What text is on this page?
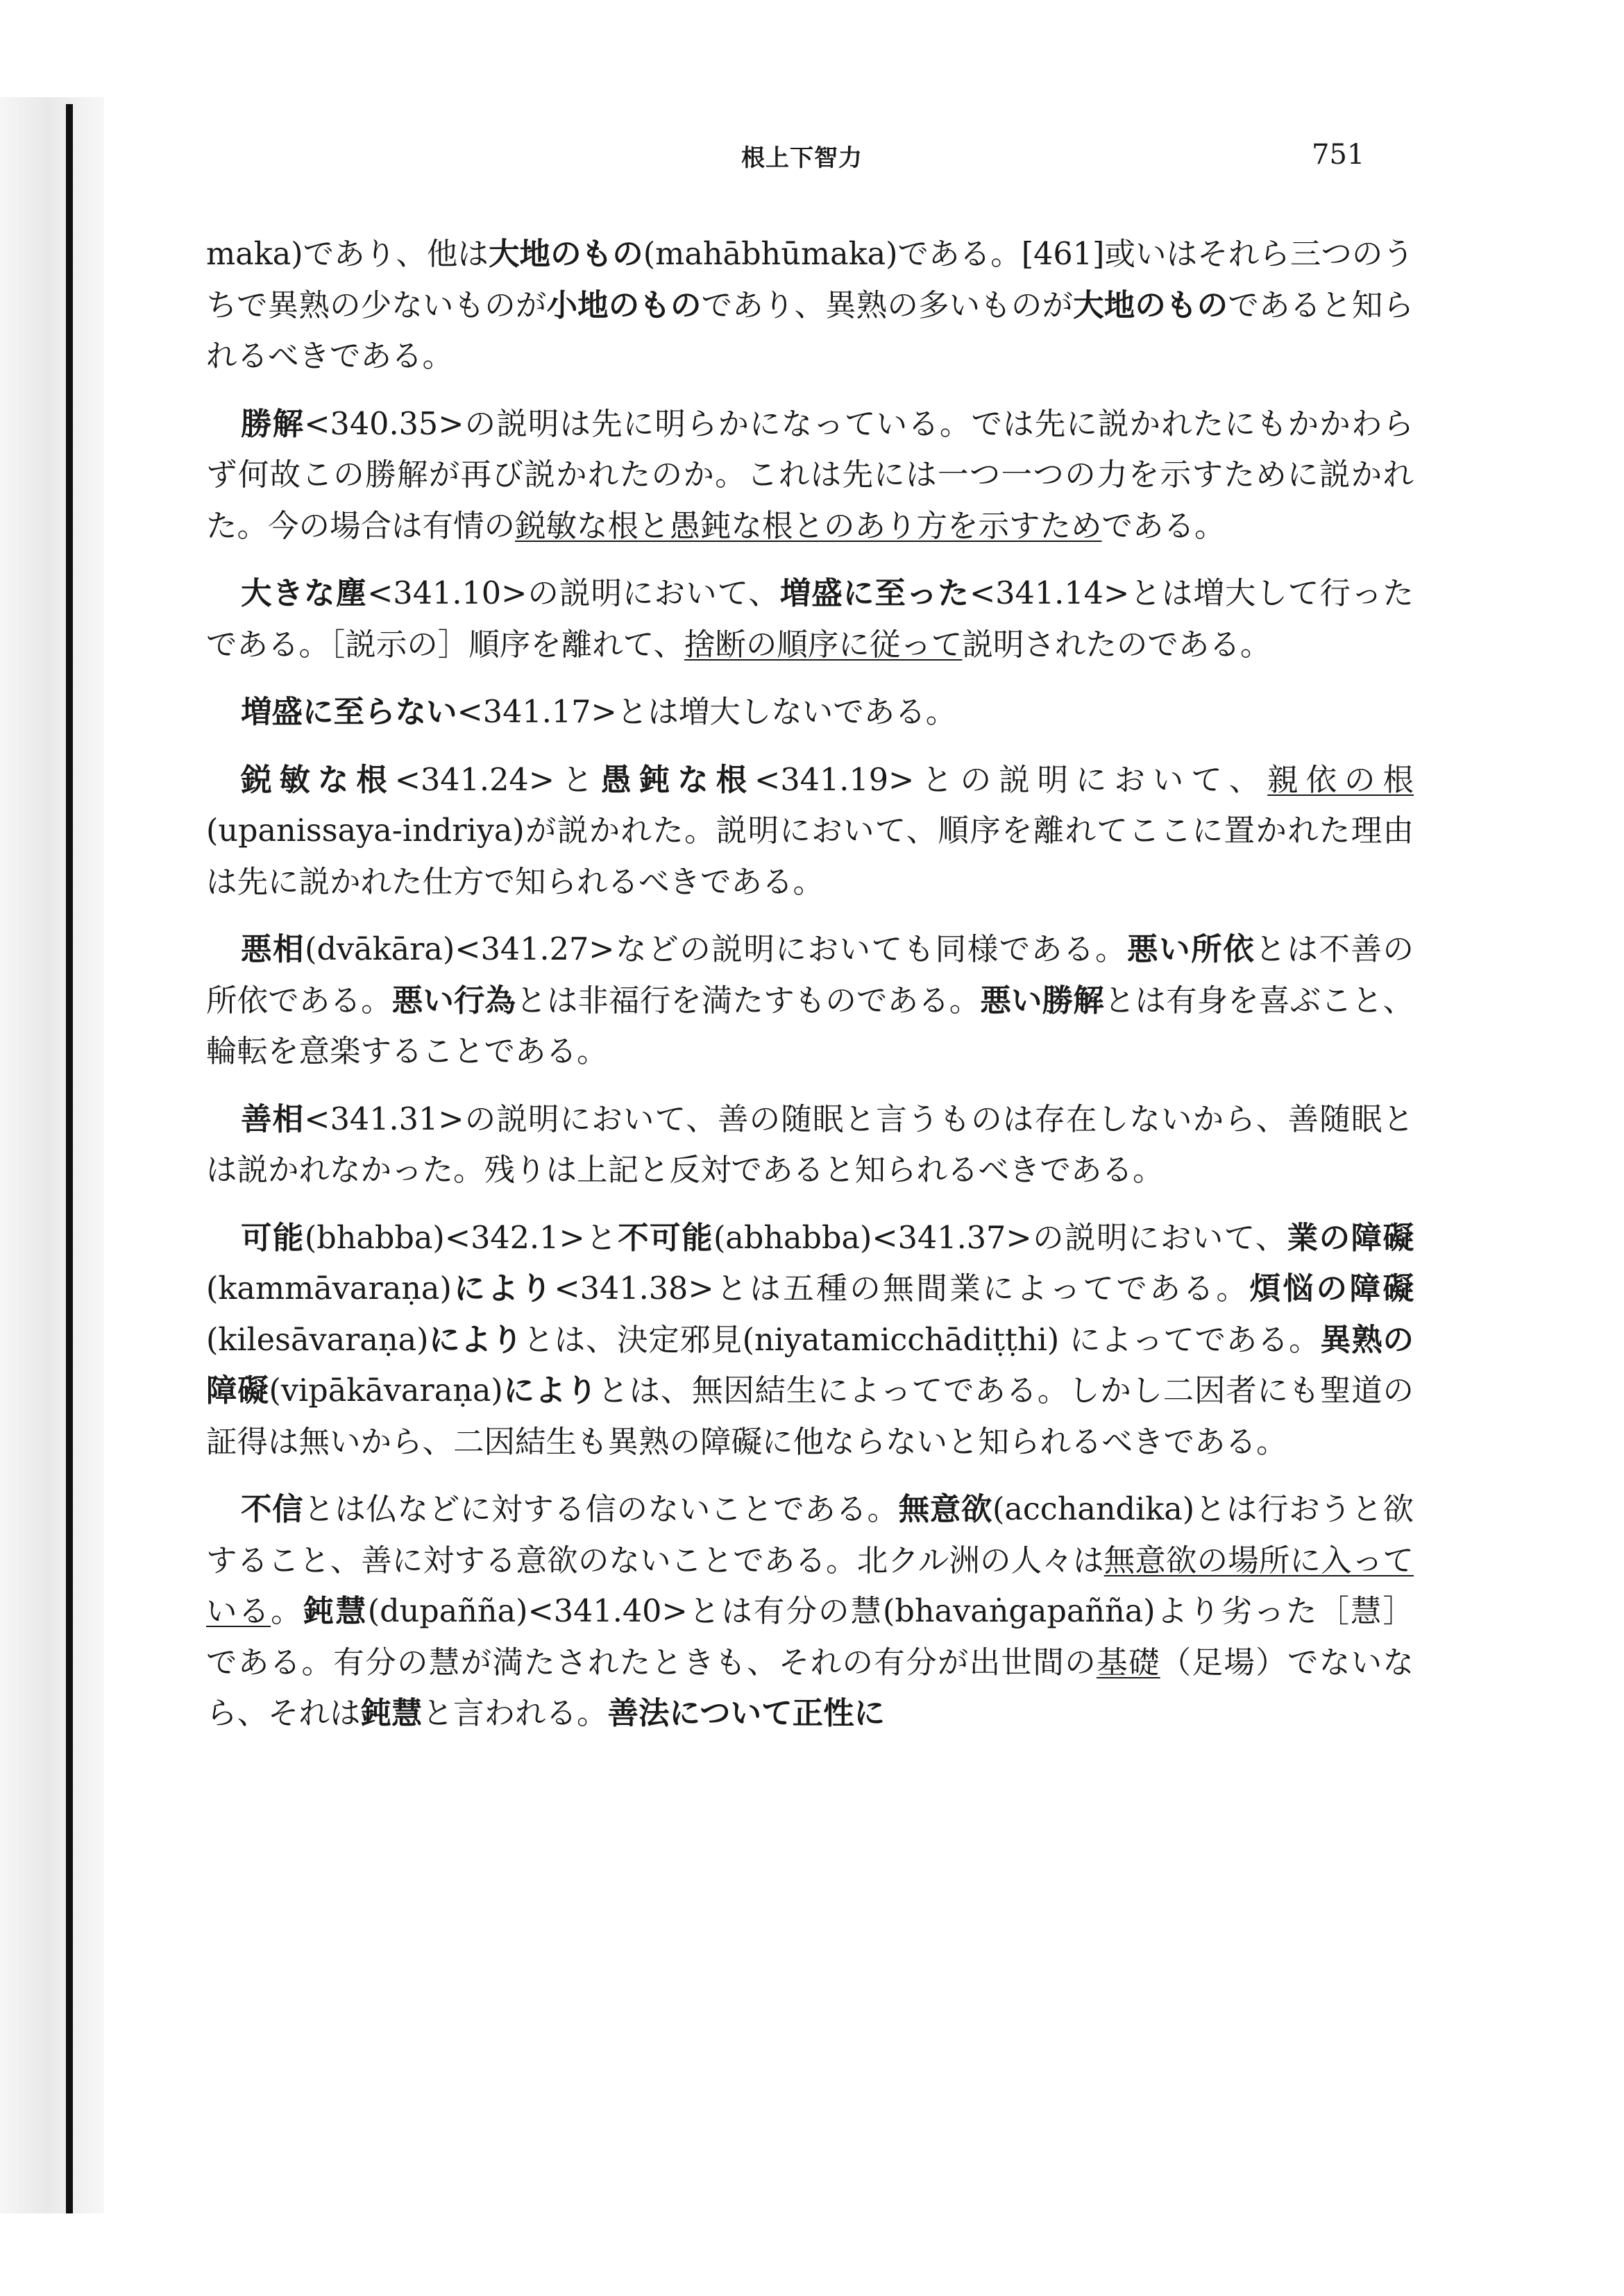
根上下智力	751

maka)であり、他は大地のもの(mahābhūmaka)である。[461]或いはそれら三つのうちで異熟の少ないものが小地のものであり、異熟の多いものが大地のものであると知られるべきである。

勝解<340.35>の説明は先に明らかになっている。では先に説かれたにもかかわらず何故この勝解が再び説かれたのか。これは先には一つ一つの力を示すために説かれた。今の場合は有情の鋭敏な根と愚鈍な根とのあり方を示すためである。

大きな塵<341.10>の説明において、増盛に至った<341.14>とは増大して行ったである。［説示の］順序を離れて、捨断の順序に従って説明されたのである。

増盛に至らない<341.17>とは増大しないである。

鋭敏な根<341.24>と愚鈍な根<341.19>との説明において、親依の根(upanissaya-indriya)が説かれた。説明において、順序を離れてここに置かれた理由は先に説かれた仕方で知られるべきである。

悪相(dvākāra)<341.27>などの説明においても同様である。悪い所依とは不善の所依である。悪い行為とは非福行を満たすものである。悪い勝解とは有身を喜ぶこと、輪転を意楽することである。

善相<341.31>の説明において、善の随眠と言うものは存在しないから、善随眠とは説かれなかった。残りは上記と反対であると知られるべきである。

可能(bhabba)<342.1>と不可能(abhabba)<341.37>の説明において、業の障礙(kammāvaraṇa)により<341.38>とは五種の無間業によってである。煩悩の障礙(kilesāvaraṇa)によりとは、決定邪見(niyatamicchādiṭṭhi) によってである。異熟の障礙(vipākāvaraṇa)によりとは、無因結生によってである。しかし二因者にも聖道の証得は無いから、二因結生も異熟の障礙に他ならないと知られるべきである。

不信とは仏などに対する信のないことである。無意欲(acchandika)とは行おうと欲すること、善に対する意欲のないことである。北クル洲の人々は無意欲の場所に入っている。鈍慧(dupañña)<341.40>とは有分の慧(bhavaṅgapañña)より劣った［慧］である。有分の慧が満たされたときも、それの有分が出世間の基礎（足場）でないなら、それは鈍慧と言われる。善法について正性に
